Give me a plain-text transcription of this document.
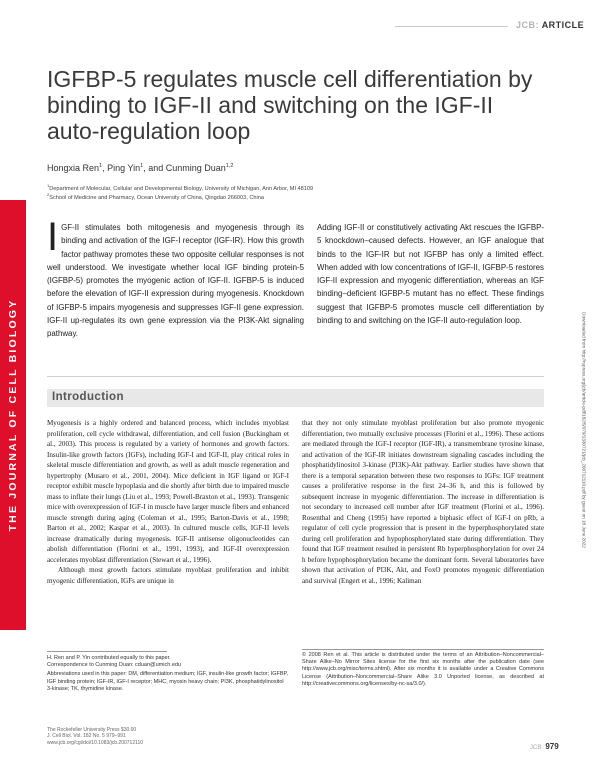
JCB: ARTICLE
THE JOURNAL OF CELL BIOLOGY	Downloaded from http://rupress.org/jcb/article-pdf/182/5/979/1330721/jcb_200712110.pdf by guest on 18 June 2022
IGFBP-5 regulates muscle cell differentiation by binding to IGF-II and switching on the IGF-II auto-regulation loop
Hongxia Ren$^1$, Ping Yin$^1$, and Cunming Duan$^{1,2}$
$^1$Department of Molecular, Cellular and Developmental Biology, University of Michigan, Ann Arbor, MI 48109
$^2$School of Medicine and Pharmacy, Ocean University of China, Qingdao 266003, China
IGF-II stimulates both mitogenesis and myogenesis through its binding and activation of the IGF-I receptor (IGF-IR). How this growth factor pathway promotes these two opposite cellular responses is not well understood. We investigate whether local IGF binding protein-5 (IGFBP-5) promotes the myogenic action of IGF-II. IGFBP-5 is induced before the elevation of IGF-II expression during myogenesis. Knockdown of IGFBP-5 impairs myogenesis and suppresses IGF-II gene expression. IGF-II up-regulates its own gene expression via the PI3K-Akt signaling pathway.
Adding IGF-II or constitutively activating Akt rescues the IGFBP-5 knockdown–caused defects. However, an IGF analogue that binds to the IGF-IR but not IGFBP has only a limited effect. When added with low concentrations of IGF-II, IGFBP-5 restores IGF-II expression and myogenic differentiation, whereas an IGF binding–deficient IGFBP-5 mutant has no effect. These findings suggest that IGFBP-5 promotes muscle cell differentiation by binding to and switching on the IGF-II auto-regulation loop.
Introduction

Myogenesis is a highly ordered and balanced process, which includes myoblast proliferation, cell cycle withdrawal, differentiation, and cell fusion (Buckingham et al., 2003). This process is regulated by a variety of hormones and growth factors. Insulin-like growth factors (IGFs), including IGF-I and IGF-II, play critical roles in skeletal muscle differentiation and growth, as well as adult muscle regeneration and hypertrophy (Musaro et al., 2001, 2004). Mice deficient in IGF ligand or IGF-I receptor exhibit muscle hypoplasia and die shortly after birth due to impaired muscle mass to inflate their lungs (Liu et al., 1993; Powell-Braxton et al., 1993). Transgenic mice with overexpression of IGF-I in muscle have larger muscle fibers and enhanced muscle strength during aging (Coleman et al., 1995; Barton-Davis et al., 1998; Barton et al., 2002; Kaspar et al., 2003). In cultured muscle cells, IGF-II levels increase dramatically during myogenesis. IGF-II antisense oligonucleotides can abolish differentiation (Florini et al., 1991, 1993), and IGF-II overexpression accelerates myoblast differentiation (Stewart et al., 1996).

Although most growth factors stimulate myoblast proliferation and inhibit myogenic differentiation, IGFs are unique in

that they not only stimulate myoblast proliferation but also promote myogenic differentiation, two mutually exclusive processes (Florini et al., 1996). These actions are mediated through the IGF-I receptor (IGF-IR), a transmembrane tyrosine kinase, and activation of the IGF-IR initiates downstream signaling cascades including the phosphatidylinositol 3-kinase (PI3K)-Akt pathway. Earlier studies have shown that there is a temporal separation between these two responses to IGFs: IGF treatment causes a proliferative response in the first 24–36 h, and this is followed by subsequent increase in myogenic differentiation. The increase in differentiation is not secondary to increased cell number after IGF treatment (Florini et al., 1996). Rosenthal and Cheng (1995) have reported a biphasic effect of IGF-I on pRb, a regulator of cell cycle progression that is present in the hyperphosphorylated state during cell proliferation and hypophosphorylated state during differentiation. They found that IGF treatment resulted in persistent Rb hyperphosphorylation for over 24 h before hypophosphorylation became the dominant form. Several laboratories have shown that activation of PI3K, Akt, and FoxO promotes myogenic differentiation and survival (Engert et al., 1996; Kaliman

H. Ren and P. Yin contributed equally to this paper.

Correspondence to Cunming Duan: cduan@umich.edu

Abbreviations used in this paper: DM, differentiation medium; IGF, insulin-like growth factor; IGFBP, IGF binding protein; IGF-IR, IGF-I receptor; MHC, myosin heavy chain; PI3K, phosphatidylinositol 3-kinase; TK, thymidine kinase.

© 2008 Ren et al. This article is distributed under the terms of an Attribution–Noncommercial–Share Alike–No Mirror Sites license for the first six months after the publication date (see http://www.jcb.org/misc/terms.shtml). After six months it is available under a Creative Commons License (Attribution–Noncommercial–Share Alike 3.0 Unported license, as described at http://creativecommons.org/licenses/by-nc-sa/3.0/).
The Rockefeller University Press $30.00
J. Cell Biol. Vol. 182 No. 5 979–991
www.jcb.org/cgi/doi/10.1083/jcb.200712110
JCB 979
